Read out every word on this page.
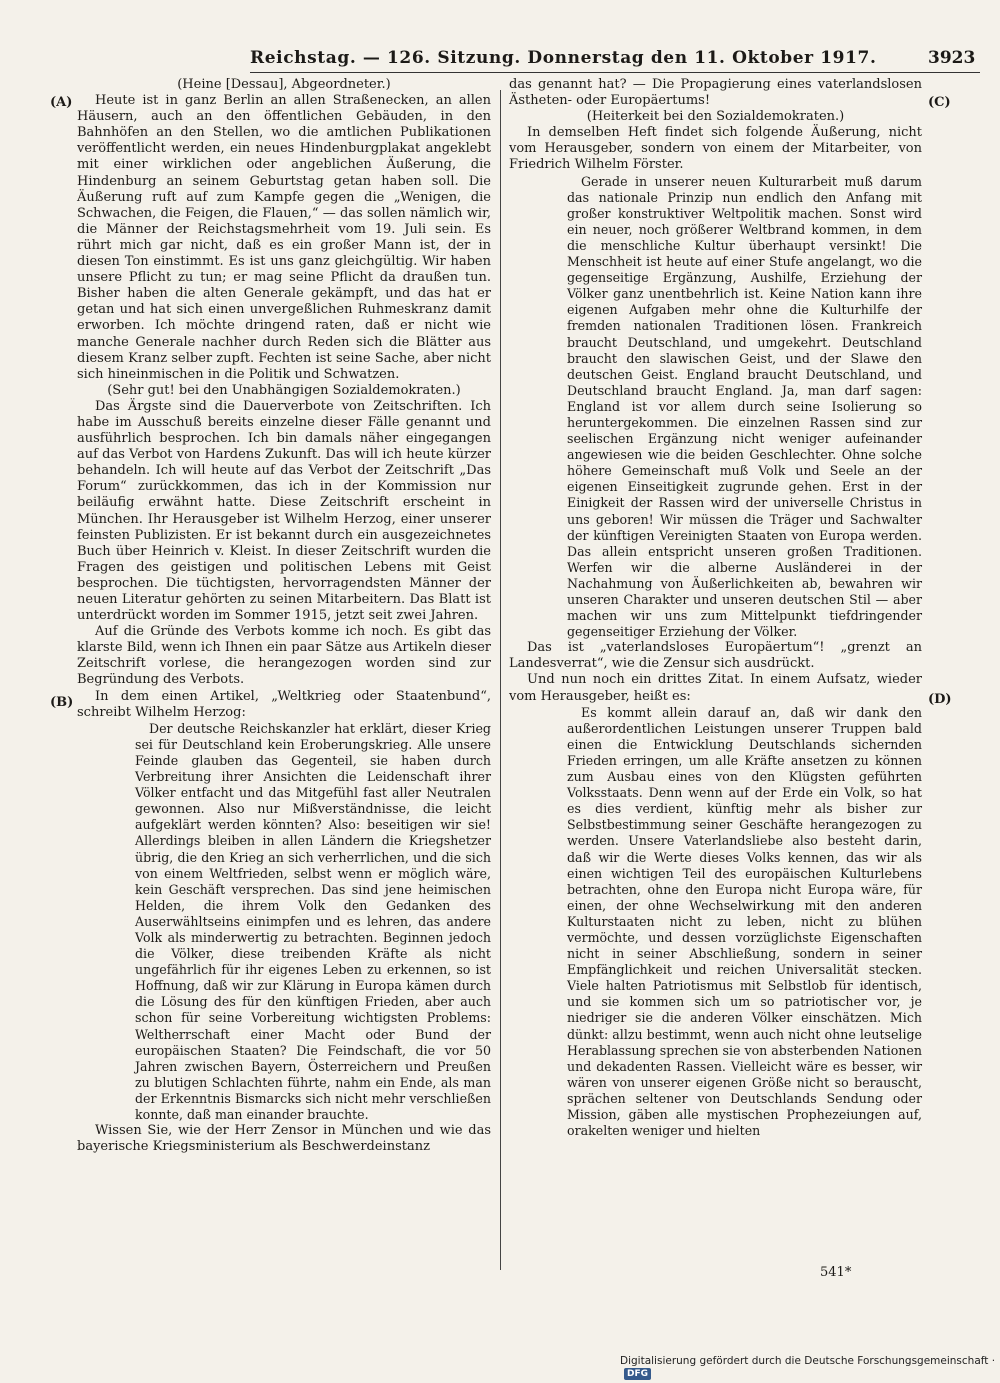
Reichstag. — 126. Sitzung. Donnerstag den 11. Oktober 1917.	3923
(A)
(B)
(C)
(D)

(Heine [Dessau], Abgeordneter.)

Heute ist in ganz Berlin an allen Straßenecken, an allen Häusern, auch an den öffentlichen Gebäuden, in den Bahnhöfen an den Stellen, wo die amtlichen Publikationen veröffentlicht werden, ein neues Hindenburgplakat angeklebt mit einer wirklichen oder angeblichen Äußerung, die Hindenburg an seinem Geburtstag getan haben soll. Die Äußerung ruft auf zum Kampfe gegen die „Wenigen, die Schwachen, die Feigen, die Flauen,“ — das sollen nämlich wir, die Männer der Reichstagsmehrheit vom 19. Juli sein. Es rührt mich gar nicht, daß es ein großer Mann ist, der in diesen Ton einstimmt. Es ist uns ganz gleichgültig. Wir haben unsere Pflicht zu tun; er mag seine Pflicht da draußen tun. Bisher haben die alten Generale gekämpft, und das hat er getan und hat sich einen unvergeßlichen Ruhmeskranz damit erworben. Ich möchte dringend raten, daß er nicht wie manche Generale nachher durch Reden sich die Blätter aus diesem Kranz selber zupft. Fechten ist seine Sache, aber nicht sich hineinmischen in die Politik und Schwatzen.

(Sehr gut! bei den Unabhängigen Sozialdemokraten.)

Das Ärgste sind die Dauerverbote von Zeitschriften. Ich habe im Ausschuß bereits einzelne dieser Fälle genannt und ausführlich besprochen. Ich bin damals näher eingegangen auf das Verbot von Hardens Zukunft. Das will ich heute kürzer behandeln. Ich will heute auf das Verbot der Zeitschrift „Das Forum“ zurückkommen, das ich in der Kommission nur beiläufig erwähnt hatte. Diese Zeitschrift erscheint in München. Ihr Herausgeber ist Wilhelm Herzog, einer unserer feinsten Publizisten. Er ist bekannt durch ein ausgezeichnetes Buch über Heinrich v. Kleist. In dieser Zeitschrift wurden die Fragen des geistigen und politischen Lebens mit Geist besprochen. Die tüchtigsten, hervorragendsten Männer der neuen Literatur gehörten zu seinen Mitarbeitern. Das Blatt ist unterdrückt worden im Sommer 1915, jetzt seit zwei Jahren.

Auf die Gründe des Verbots komme ich noch. Es gibt das klarste Bild, wenn ich Ihnen ein paar Sätze aus Artikeln dieser Zeitschrift vorlese, die herangezogen worden sind zur Begründung des Verbots.

In dem einen Artikel, „Weltkrieg oder Staatenbund“, schreibt Wilhelm Herzog:

Der deutsche Reichskanzler hat erklärt, dieser Krieg sei für Deutschland kein Eroberungskrieg. Alle unsere Feinde glauben das Gegenteil, sie haben durch Verbreitung ihrer Ansichten die Leidenschaft ihrer Völker entfacht und das Mitgefühl fast aller Neutralen gewonnen. Also nur Mißverständnisse, die leicht aufgeklärt werden könnten? Also: beseitigen wir sie! Allerdings bleiben in allen Ländern die Kriegshetzer übrig, die den Krieg an sich verherrlichen, und die sich von einem Weltfrieden, selbst wenn er möglich wäre, kein Geschäft versprechen. Das sind jene heimischen Helden, die ihrem Volk den Gedanken des Auserwähltseins einimpfen und es lehren, das andere Volk als minderwertig zu betrachten. Beginnen jedoch die Völker, diese treibenden Kräfte als nicht ungefährlich für ihr eigenes Leben zu erkennen, so ist Hoffnung, daß wir zur Klärung in Europa kämen durch die Lösung des für den künftigen Frieden, aber auch schon für seine Vorbereitung wichtigsten Problems: Weltherrschaft einer Macht oder Bund der europäischen Staaten? Die Feindschaft, die vor 50 Jahren zwischen Bayern, Österreichern und Preußen zu blutigen Schlachten führte, nahm ein Ende, als man der Erkenntnis Bismarcks sich nicht mehr verschließen konnte, daß man einander brauchte.

Wissen Sie, wie der Herr Zensor in München und wie das bayerische Kriegsministerium als Beschwerdeinstanz

das genannt hat? — Die Propagierung eines vaterlandslosen Ästheten- oder Europäertums!

(Heiterkeit bei den Sozialdemokraten.)

In demselben Heft findet sich folgende Äußerung, nicht vom Herausgeber, sondern von einem der Mitarbeiter, von Friedrich Wilhelm Förster.

Gerade in unserer neuen Kulturarbeit muß darum das nationale Prinzip nun endlich den Anfang mit großer konstruktiver Weltpolitik machen. Sonst wird ein neuer, noch größerer Weltbrand kommen, in dem die menschliche Kultur überhaupt versinkt! Die Menschheit ist heute auf einer Stufe angelangt, wo die gegenseitige Ergänzung, Aushilfe, Erziehung der Völker ganz unentbehrlich ist. Keine Nation kann ihre eigenen Aufgaben mehr ohne die Kulturhilfe der fremden nationalen Traditionen lösen. Frankreich braucht Deutschland, und umgekehrt. Deutschland braucht den slawischen Geist, und der Slawe den deutschen Geist. England braucht Deutschland, und Deutschland braucht England. Ja, man darf sagen: England ist vor allem durch seine Isolierung so heruntergekommen. Die einzelnen Rassen sind zur seelischen Ergänzung nicht weniger aufeinander angewiesen wie die beiden Geschlechter. Ohne solche höhere Gemeinschaft muß Volk und Seele an der eigenen Einseitigkeit zugrunde gehen. Erst in der Einigkeit der Rassen wird der universelle Christus in uns geboren! Wir müssen die Träger und Sachwalter der künftigen Vereinigten Staaten von Europa werden. Das allein entspricht unseren großen Traditionen. Werfen wir die alberne Ausländerei in der Nachahmung von Äußerlichkeiten ab, bewahren wir unseren Charakter und unseren deutschen Stil — aber machen wir uns zum Mittelpunkt tiefdringender gegenseitiger Erziehung der Völker.

Das ist „vaterlandsloses Europäertum“! „grenzt an Landesverrat“, wie die Zensur sich ausdrückt.

Und nun noch ein drittes Zitat. In einem Aufsatz, wieder vom Herausgeber, heißt es:

Es kommt allein darauf an, daß wir dank den außerordentlichen Leistungen unserer Truppen bald einen die Entwicklung Deutschlands sichernden Frieden erringen, um alle Kräfte ansetzen zu können zum Ausbau eines von den Klügsten geführten Volksstaats. Denn wenn auf der Erde ein Volk, so hat es dies verdient, künftig mehr als bisher zur Selbstbestimmung seiner Geschäfte herangezogen zu werden. Unsere Vaterlandsliebe also besteht darin, daß wir die Werte dieses Volks kennen, das wir als einen wichtigen Teil des europäischen Kulturlebens betrachten, ohne den Europa nicht Europa wäre, für einen, der ohne Wechselwirkung mit den anderen Kulturstaaten nicht zu leben, nicht zu blühen vermöchte, und dessen vorzüglichste Eigenschaften nicht in seiner Abschließung, sondern in seiner Empfänglichkeit und reichen Universalität stecken. Viele halten Patriotismus mit Selbstlob für identisch, und sie kommen sich um so patriotischer vor, je niedriger sie die anderen Völker einschätzen. Mich dünkt: allzu bestimmt, wenn auch nicht ohne leutselige Herablassung sprechen sie von absterbenden Nationen und dekadenten Rassen. Vielleicht wäre es besser, wir wären von unserer eigenen Größe nicht so berauscht, sprächen seltener von Deutschlands Sendung oder Mission, gäben alle mystischen Prophezeiungen auf, orakelten weniger und hielten

541*
Digitalisierung gefördert durch die Deutsche Forschungsgemeinschaft ·DFG
